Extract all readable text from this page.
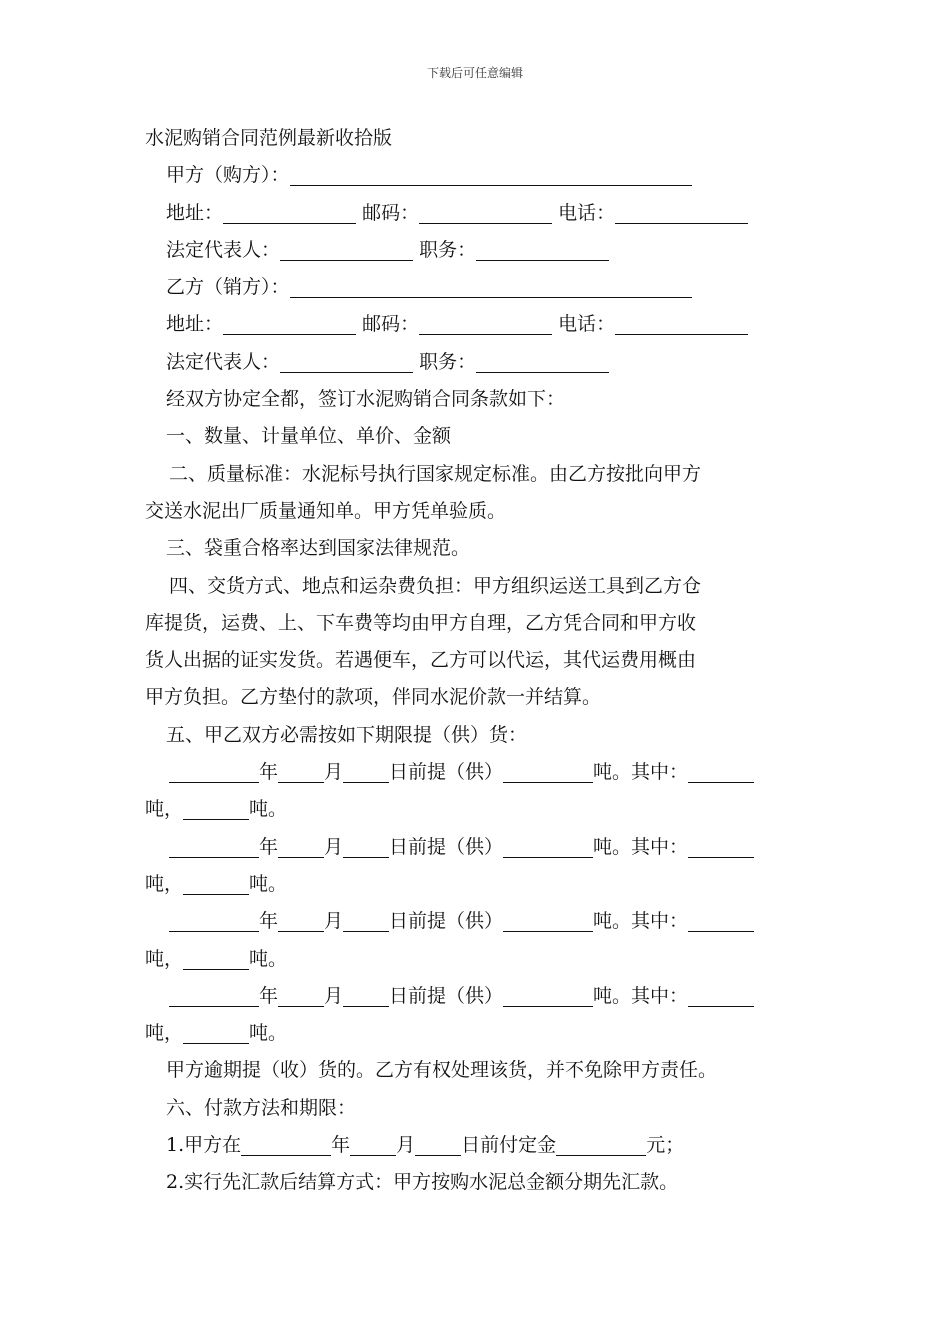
下载后可任意编辑
水泥购销合同范例最新收拾版
甲方（购方）：
地址：	邮码：	电话：
法定代表人：	职务：
乙方（销方）：
地址：	邮码：	电话：
法定代表人：	职务：
经双方协定全都，签订水泥购销合同条款如下：
一、数量、计量单位、单价、金额
二、质量标准：水泥标号执行国家规定标准。由乙方按批向甲方
交送水泥出厂质量通知单。甲方凭单验质。
三、袋重合格率达到国家法律规范。
四、交货方式、地点和运杂费负担：甲方组织运送工具到乙方仓
库提货，运费、上、下车费等均由甲方自理，乙方凭合同和甲方收
货人出据的证实发货。若遇便车，乙方可以代运，其代运费用概由
甲方负担。乙方垫付的款项，伴同水泥价款一并结算。
五、甲乙双方必需按如下期限提（供）货：
年 月 日前提（供）	吨。其中：
吨，	吨。
年 月 日前提（供）	吨。其中：
吨，	吨。
年 月 日前提（供）	吨。其中：
吨，	吨。
年 月 日前提（供）	吨。其中：
吨，	吨。
甲方逾期提（收）货的。乙方有权处理该货，并不免除甲方责任。
六、付款方法和期限：
1.甲方在	年 月 日前付定金	元；
2.实行先汇款后结算方式：甲方按购水泥总金额分期先汇款。
